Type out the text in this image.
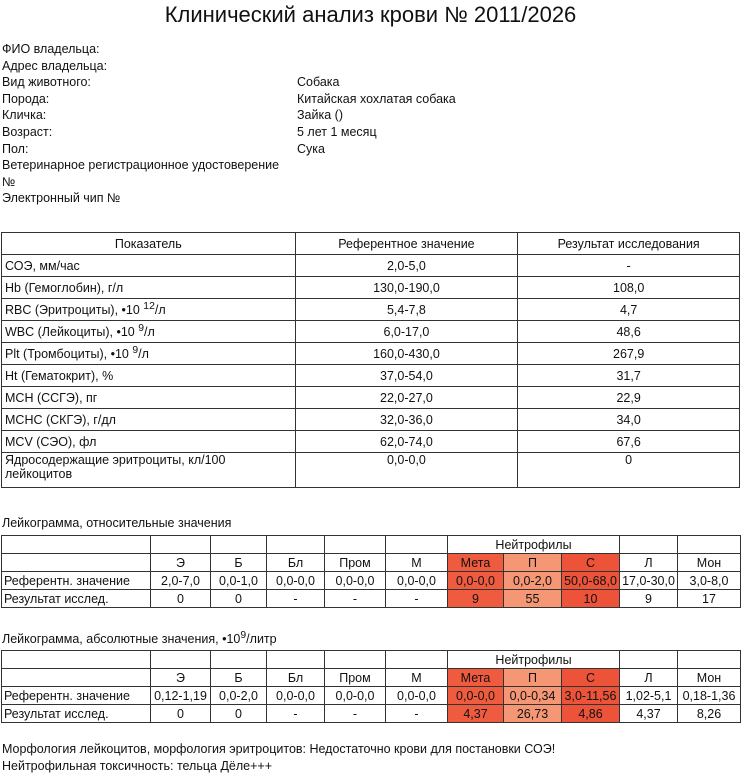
Клинический анализ крови № 2011/2026
ФИО владельца:
Адрес владельца:
Вид животного:	Собака
Порода:	Китайская хохлатая собака
Кличка:	Зайка ()
Возраст:	5 лет 1 месяц
Пол:	Сука
Ветеринарное регистрационное удостоверение
№
Электронный чип №
Показатель	Референтное значение	Результат исследования
СОЭ, мм/час	2,0-5,0	-
Hb (Гемоглобин), г/л	130,0-190,0	108,0
RBC (Эритроциты), •10 $^{12}$/л	5,4-7,8	4,7
WBC (Лейкоциты), •10 $^9$/л	6,0-17,0	48,6
Plt (Тромбоциты), •10 $^9$/л	160,0-430,0	267,9
Ht (Гематокрит), %	37,0-54,0	31,7
MCH (ССГЭ), пг	22,0-27,0	22,9
MCHC (СКГЭ), г/дл	32,0-36,0	34,0
MCV (СЭО), фл	62,0-74,0	67,6
Ядросодержащие эритроциты, кл/100 лейкоцитов	0,0-0,0	0
Лейкограмма, относительные значения
						Нейтрофилы				
	Э	Б	Бл	Пром	М	Мета	П	С	Л	Мон
Референтн. значение	2,0-7,0	0,0-1,0	0,0-0,0	0,0-0,0	0,0-0,0	0,0-0,0	0,0-2,0	50,0-68,0	17,0-30,0	3,0-8,0
Результат исслед.	0	0	-	-	-	9	55	10	9	17
Лейкограмма, абсолютные значения, $•10^9$/литр
						Нейтрофилы				
	Э	Б	Бл	Пром	М	Мета	П	С	Л	Мон
Референтн. значение	0,12-1,19	0,0-2,0	0,0-0,0	0,0-0,0	0,0-0,0	0,0-0,0	0,0-0,34	3,0-11,56	1,02-5,1	0,18-1,36
Результат исслед.	0	0	-	-	-	4,37	26,73	4,86	4,37	8,26
Морфология лейкоцитов, морфология эритроцитов: Недостаточно крови для постановки СОЭ!
Нейтрофильная токсичность: тельца Дёле+++
